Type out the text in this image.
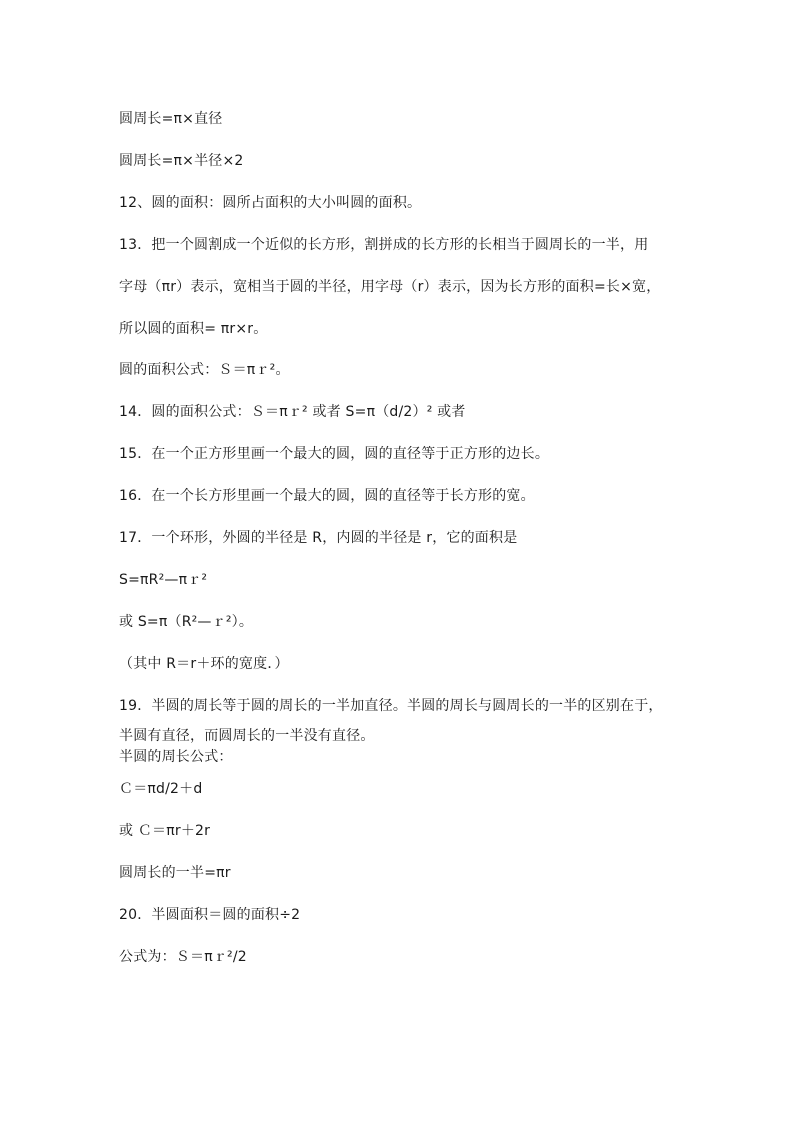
圆周长=π×直径
圆周长=π×半径×2
12、圆的面积：圆所占面积的大小叫圆的面积。
13．把一个圆割成一个近似的长方形，割拼成的长方形的长相当于圆周长的一半，用
字母（πr）表示，宽相当于圆的半径，用字母（r）表示，因为长方形的面积=长×宽，
所以圆的面积= πr×r。
圆的面积公式：Ｓ＝πｒ²。
14．圆的面积公式：Ｓ＝πｒ² 或者 S=π（d/2）² 或者
15．在一个正方形里画一个最大的圆，圆的直径等于正方形的边长。
16．在一个长方形里画一个最大的圆，圆的直径等于长方形的宽。
17．一个环形，外圆的半径是 R，内圆的半径是 r，它的面积是
S=πR²—πｒ²
或 S=π（R²—ｒ²）。
（其中 R＝r＋环的宽度．）
19．半圆的周长等于圆的周长的一半加直径。半圆的周长与圆周长的一半的区别在于，
半圆有直径，而圆周长的一半没有直径。
半圆的周长公式：
Ｃ＝πd/2＋d
或 Ｃ＝πr＋2r
圆周长的一半=πr
20．半圆面积＝圆的面积÷2
公式为：Ｓ＝πｒ²/2
